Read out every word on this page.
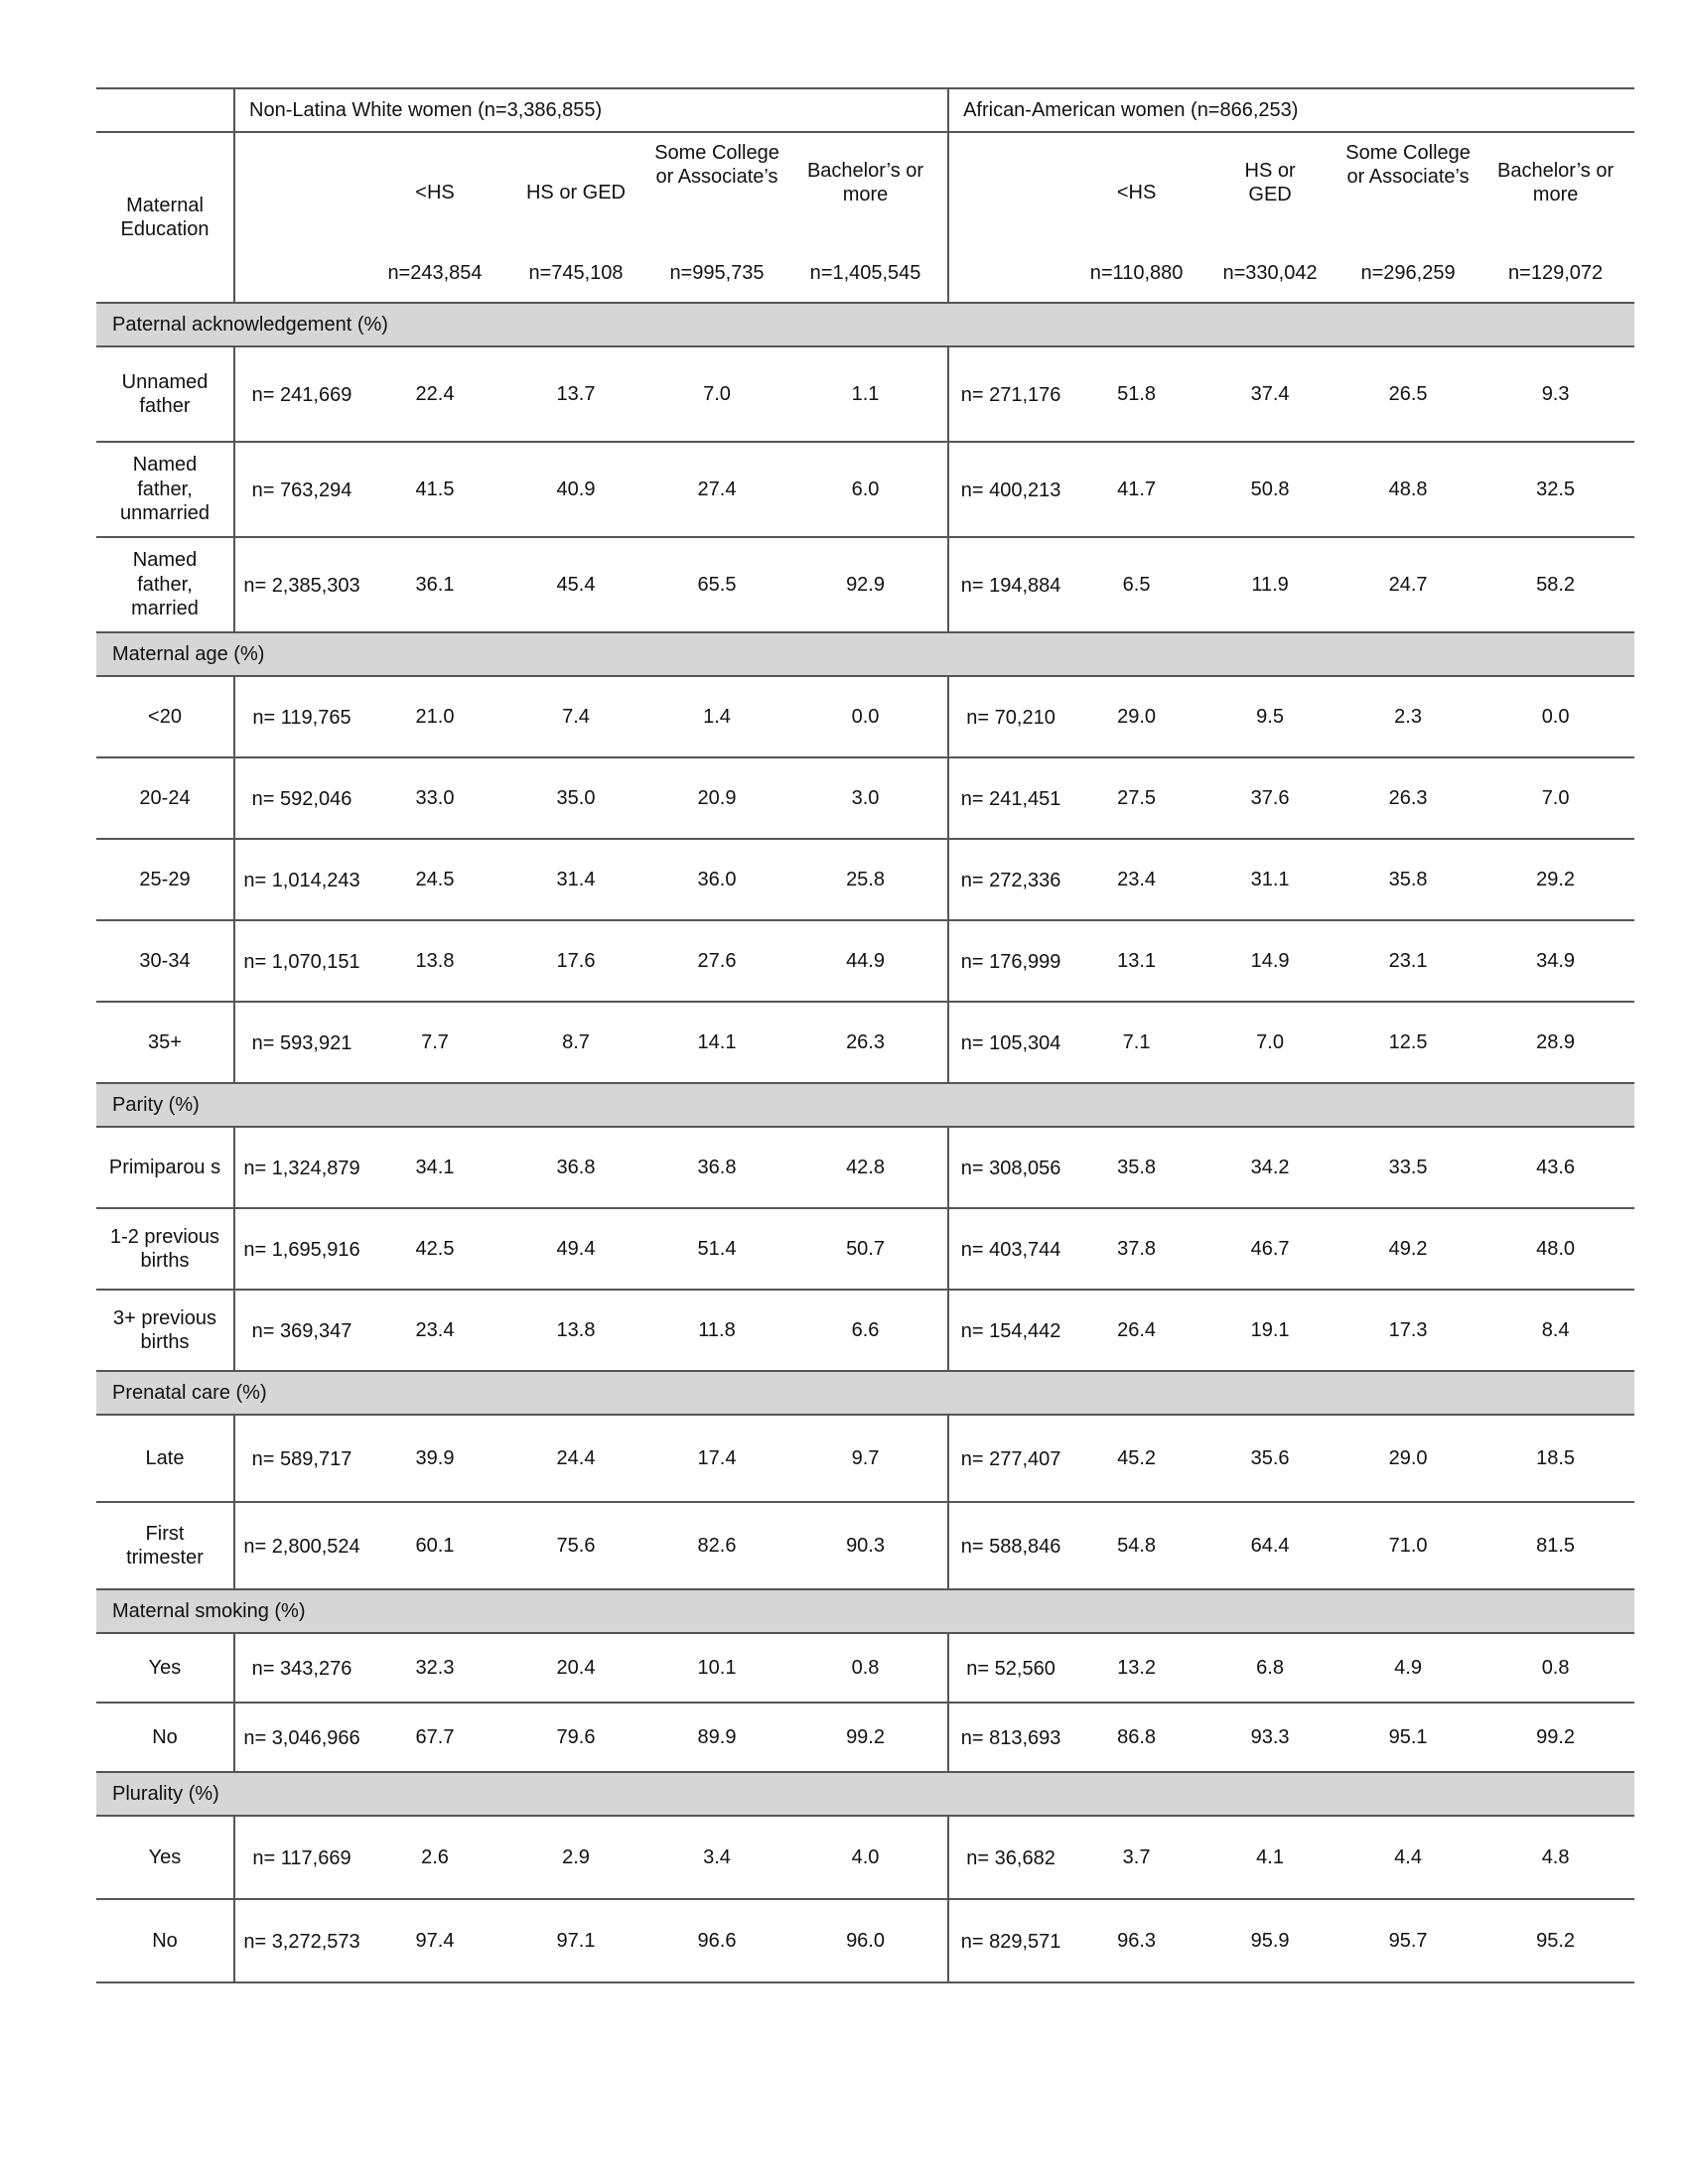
	Non-Latina White women (n=3,386,855)					African-American women (n=866,253)				
Maternal Education		<HS	HS or GED	Some College or Associate’s	Bachelor’s or more		<HS	HS or GED	Some College or Associate’s	Bachelor’s or more
		n=243,854	n=745,108	n=995,735	n=1,405,545		n=110,880	n=330,042	n=296,259	n=129,072
Paternal acknowledgement (%)										
Unnamed father	n= 241,669	22.4	13.7	7.0	1.1	n= 271,176	51.8	37.4	26.5	9.3
Named father, unmarried	n= 763,294	41.5	40.9	27.4	6.0	n= 400,213	41.7	50.8	48.8	32.5
Named father, married	n= 2,385,303	36.1	45.4	65.5	92.9	n= 194,884	6.5	11.9	24.7	58.2
Maternal age (%)										
<20	n= 119,765	21.0	7.4	1.4	0.0	n= 70,210	29.0	9.5	2.3	0.0
20-24	n= 592,046	33.0	35.0	20.9	3.0	n= 241,451	27.5	37.6	26.3	7.0
25-29	n= 1,014,243	24.5	31.4	36.0	25.8	n= 272,336	23.4	31.1	35.8	29.2
30-34	n= 1,070,151	13.8	17.6	27.6	44.9	n= 176,999	13.1	14.9	23.1	34.9
35+	n= 593,921	7.7	8.7	14.1	26.3	n= 105,304	7.1	7.0	12.5	28.9
Parity (%)										
Primiparou s	n= 1,324,879	34.1	36.8	36.8	42.8	n= 308,056	35.8	34.2	33.5	43.6
1-2 previous births	n= 1,695,916	42.5	49.4	51.4	50.7	n= 403,744	37.8	46.7	49.2	48.0
3+ previous births	n= 369,347	23.4	13.8	11.8	6.6	n= 154,442	26.4	19.1	17.3	8.4
Prenatal care (%)										
Late	n= 589,717	39.9	24.4	17.4	9.7	n= 277,407	45.2	35.6	29.0	18.5
First trimester	n= 2,800,524	60.1	75.6	82.6	90.3	n= 588,846	54.8	64.4	71.0	81.5
Maternal smoking (%)										
Yes	n= 343,276	32.3	20.4	10.1	0.8	n= 52,560	13.2	6.8	4.9	0.8
No	n= 3,046,966	67.7	79.6	89.9	99.2	n= 813,693	86.8	93.3	95.1	99.2
Plurality (%)										
Yes	n= 117,669	2.6	2.9	3.4	4.0	n= 36,682	3.7	4.1	4.4	4.8
No	n= 3,272,573	97.4	97.1	96.6	96.0	n= 829,571	96.3	95.9	95.7	95.2
